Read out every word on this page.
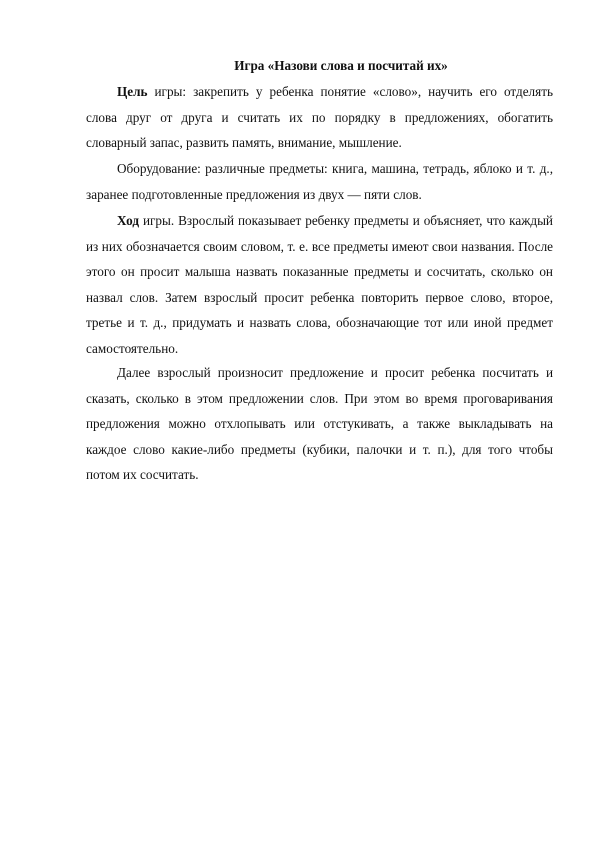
Игра «Назови слова и посчитай их»

Цель игры: закрепить у ребенка понятие «слово», научить его отделять слова друг от друга и считать их по порядку в предложениях, обогатить словарный запас, развить память, внимание, мышление.

Оборудование: различные предметы: книга, машина, тетрадь, яблоко и т. д., заранее подготовленные предложения из двух — пяти слов.

Ход игры. Взрослый показывает ребенку предметы и объясняет, что каждый из них обозначается своим словом, т. е. все предметы имеют свои названия. После этого он просит малыша назвать показанные предметы и сосчитать, сколько он назвал слов. Затем взрослый просит ребенка повторить первое слово, второе, третье и т. д., придумать и назвать слова, обозначающие тот или иной предмет самостоятельно.

Далее взрослый произносит предложение и просит ребенка посчитать и сказать, сколько в этом предложении слов. При этом во время проговаривания предложения можно отхлопывать или отстукивать, а также выкладывать на каждое слово какие-либо предметы (кубики, палочки и т. п.), для того чтобы потом их сосчитать.
